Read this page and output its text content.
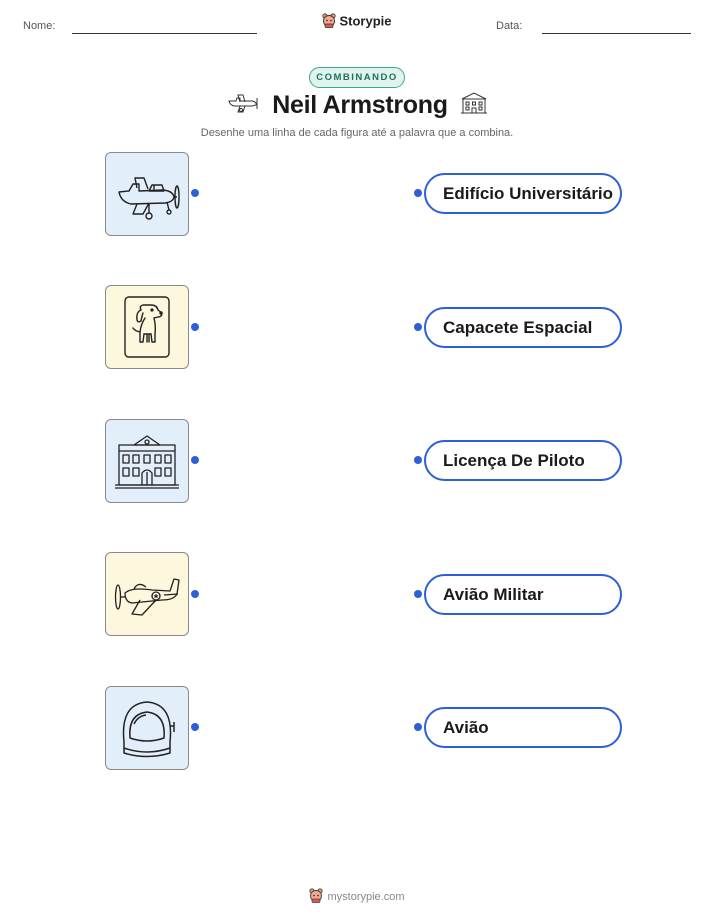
Nome:	Storypie	Data:
COMBINANDO
Neil Armstrong
Desenhe uma linha de cada figura até a palavra que a combina.
Edifício Universitário
Capacete Espacial
Licença De Piloto
Avião Militar
Avião
mystorypie.com
